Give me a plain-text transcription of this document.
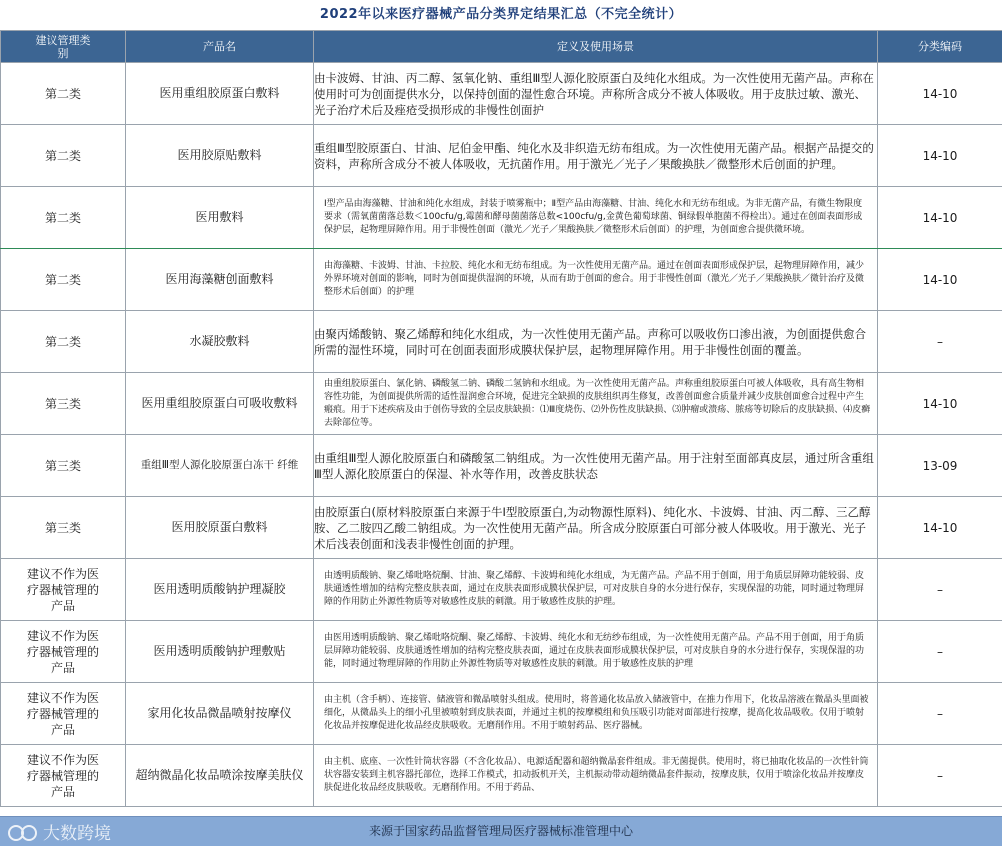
2022年以来医疗器械产品分类界定结果汇总（不完全统计）
建议管理类别	产品名	定义及使用场景	分类编码

第二类	医用重组胶原蛋白敷料	由卡波姆、甘油、丙二醇、氢氧化钠、重组Ⅲ型人源化胶原蛋白及纯化水组成。为一次性使用无菌产品。声称在使用时可为创面提供水分，以保持创面的湿性愈合环境。声称所含成分不被人体吸收。用于皮肤过敏、激光、光子治疗术后及痤疮受损形成的非慢性创面护	14-10

第二类	医用胶原贴敷料	重组Ⅲ型胶原蛋白、甘油、尼伯金甲酯、纯化水及非织造无纺布组成。为一次性使用无菌产品。根据产品提交的资料，声称所含成分不被人体吸收，无抗菌作用。用于激光／光子／果酸换肤／微整形术后创面的护理。	14-10

第二类	医用敷料	Ⅰ型产品由海藻糖、甘油和纯化水组成，封装于喷雾瓶中；Ⅱ型产品由海藻糖、甘油、纯化水和无纺布组成。为非无菌产品，有微生物限度要求（需氧菌菌落总数＜100cfu/g,霉菌和酵母菌菌落总数<100cfu/g,金黄色葡萄球菌、铜绿假单胞菌不得检出）。通过在创面表面形成保护层，起物理屏障作用。用于非慢性创面（激光／光子／果酸换肤／微整形术后创面）的护理，为创面愈合提供微环境。	14-10

第二类	医用海藻糖创面敷料	由海藻糖、卡波姆、甘油、卡拉胶、纯化水和无纺布组成。为一次性使用无菌产品。通过在创面表面形成保护层，起物理屏障作用，减少外界环境对创面的影响，同时为创面提供湿润的环境，从而有助于创面的愈合。用于非慢性创面（激光／光子／果酸换肤／微针治疗及微整形术后创面）的护理	14-10

第二类	水凝胶敷料	由聚丙烯酸钠、聚乙烯醇和纯化水组成，为一次性使用无菌产品。声称可以吸收伤口渗出液，为创面提供愈合所需的湿性环境，同时可在创面表面形成膜状保护层，起物理屏障作用。用于非慢性创面的覆盖。	–

第三类	医用重组胶原蛋白可吸收敷料	由重组胶原蛋白、氯化钠、磷酸氢二钠、磷酸二氢钠和水组成。为一次性使用无菌产品。声称重组胶原蛋白可被人体吸收，具有高生物相容性功能，为创面提供所需的适性湿润愈合环境，促进完全缺损的皮肤组织再生修复，改善创面愈合质量并减少皮肤创面愈合过程中产生瘢痕。用于下述疾病及由于创伤导致的全层皮肤缺损：⑴Ⅲ度烧伤、⑵外伤性皮肤缺损、⑶肿瘤或溃疡、脓疡等切除后的皮肤缺损、⑷皮癣去除部位等。	14-10

第三类	重组Ⅲ型人源化胶原蛋白冻干 纤维	由重组Ⅲ型人源化胶原蛋白和磷酸氢二钠组成。为一次性使用无菌产品。用于注射至面部真皮层，通过所含重组Ⅲ型人源化胶原蛋白的保湿、补水等作用，改善皮肤状态	13-09

第三类	医用胶原蛋白敷料	由胶原蛋白(原材料胶原蛋白来源于牛Ⅰ型胶原蛋白,为动物源性原料)、纯化水、卡波姆、甘油、丙二醇、三乙醇胺、乙二胺四乙酸二钠组成。为一次性使用无菌产品。所含成分胶原蛋白可部分被人体吸收。用于激光、光子术后浅表创面和浅表非慢性创面的护理。	14-10

建议不作为医疗器械管理的产品	医用透明质酸钠护理凝胶	由透明质酸钠、聚乙烯吡咯烷酮、甘油、聚乙烯醇、卡波姆和纯化水组成，为无菌产品。产品不用于创面，用于角质层屏障功能较弱、皮肤通透性增加的结构完整皮肤表面，通过在皮肤表面形成膜状保护层，可对皮肤自身的水分进行保存，实现保湿的功能，同时通过物理屏障的作用防止外源性物质等对敏感性皮肤的刺激。用于敏感性皮肤的护理。	–

建议不作为医疗器械管理的产品	医用透明质酸钠护理敷贴	由医用透明质酸钠、聚乙烯吡咯烷酮、聚乙烯醇、卡波姆、纯化水和无纺纱布组成，为一次性使用无菌产品。产品不用于创面，用于角质层屏障功能较弱、皮肤通透性增加的结构完整皮肤表面，通过在皮肤表面形成膜状保护层，可对皮肤自身的水分进行保存，实现保湿的功能，同时通过物理屏障的作用防止外源性物质等对敏感性皮肤的刺激。用于敏感性皮肤的护理	–

建议不作为医疗器械管理的产品	家用化妆品微晶喷射按摩仪	由主机（含手柄）、连接管、储液管和微晶喷射头组成。使用时，将普通化妆品放入储液管中，在推力作用下，化妆品溶液在微晶头里面被细化，从微晶头上的细小孔里被喷射到皮肤表面，并通过主机的按摩模组和负压吸引功能对面部进行按摩，提高化妆品吸收。仅用于喷射化妆品并按摩促进化妆品经皮肤吸收。无磨削作用。不用于喷射药品、医疗器械。	–

建议不作为医疗器械管理的产品	超纳微晶化妆品喷涂按摩美肤仪	由主机、底座、一次性针筒状容器（不含化妆品）、电源适配器和超纳微晶套件组成。非无菌提供。使用时，将已抽取化妆品的一次性针筒状容器安装到主机容器托部位，选择工作模式，扣动扳机开关，主机振动带动超纳微晶套件振动，按摩皮肤，仅用于喷涂化妆品并按摩皮肤促进化妆品经皮肤吸收。无磨削作用。不用于药品、	–
大数跨境	来源于国家药品监督管理局医疗器械标准管理中心
